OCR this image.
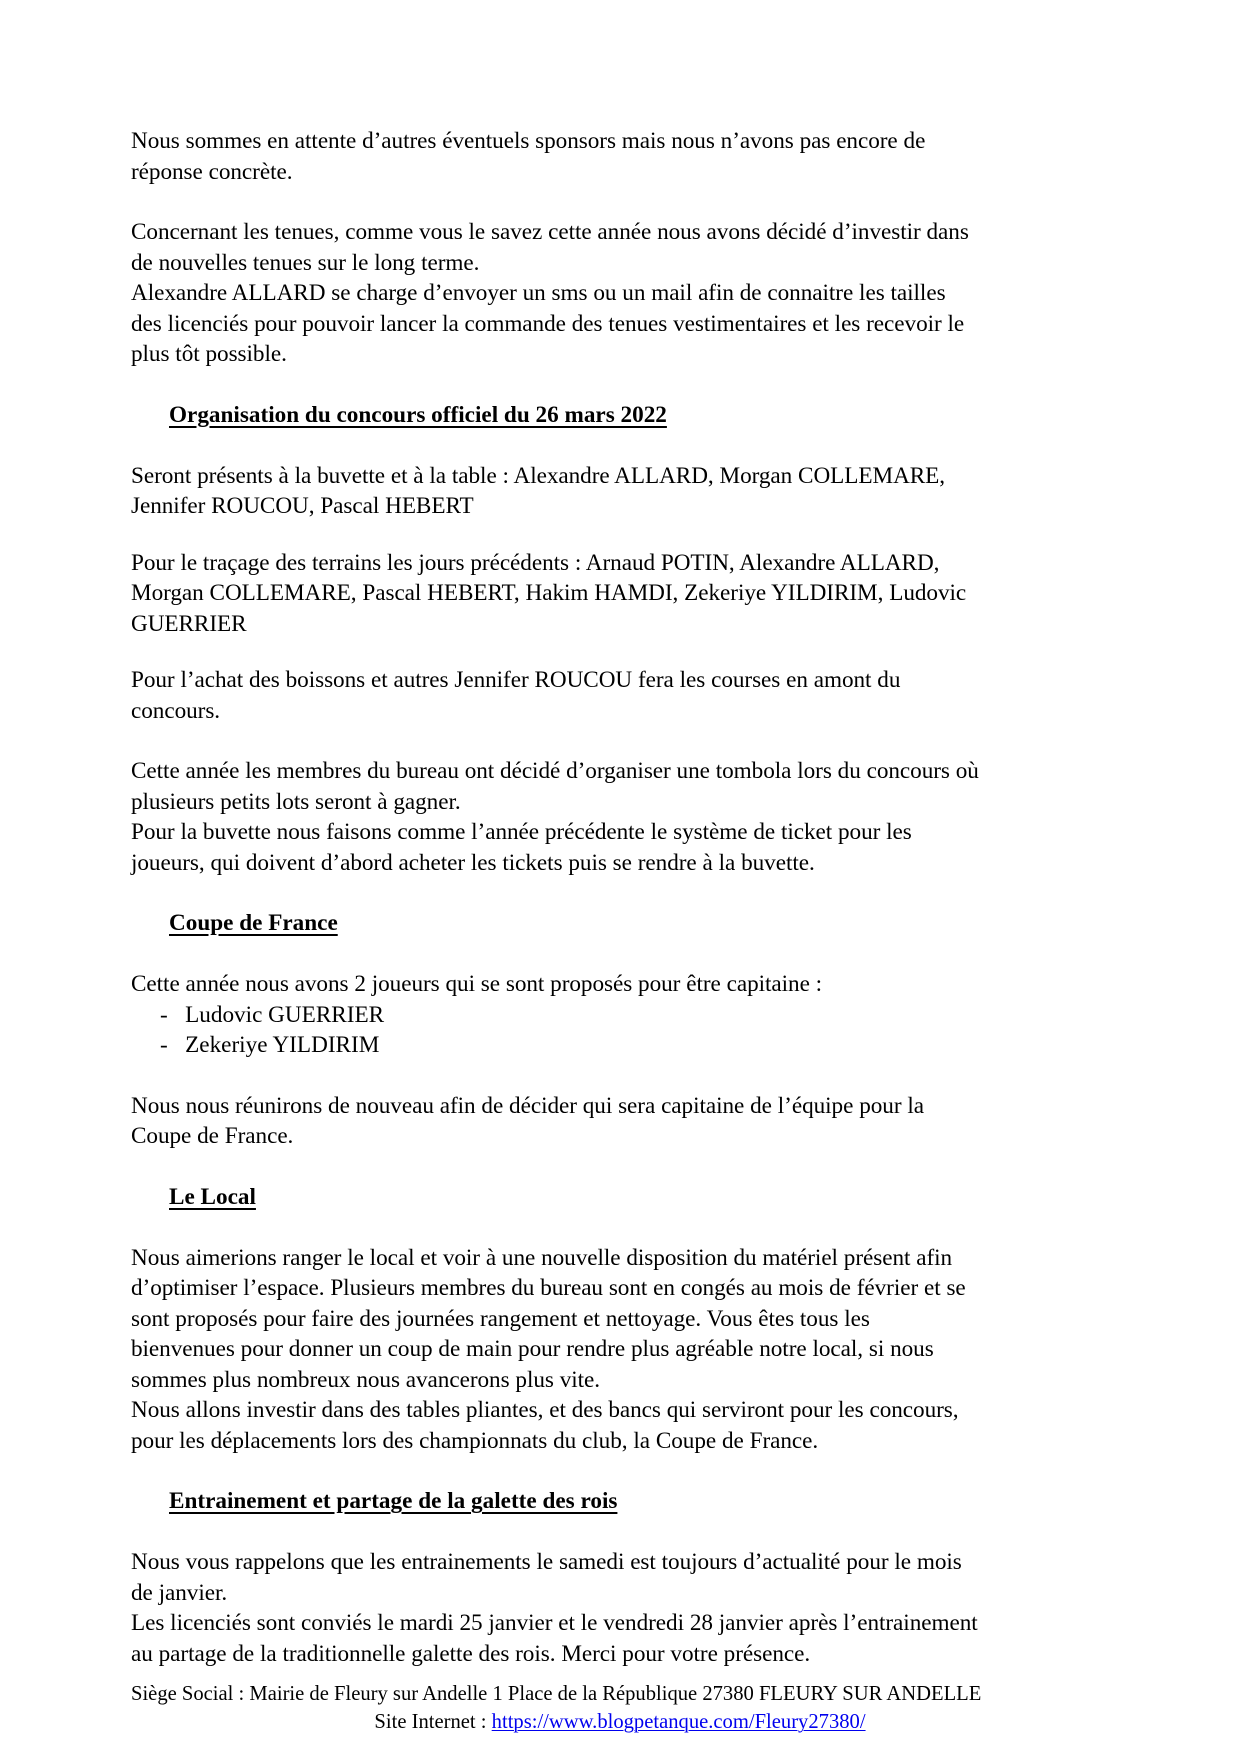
Nous sommes en attente d’autres éventuels sponsors mais nous n’avons pas encore de réponse concrète.

Concernant les tenues, comme vous le savez cette année nous avons décidé d’investir dans de nouvelles tenues sur le long terme.

Alexandre ALLARD se charge d’envoyer un sms ou un mail afin de connaitre les tailles des licenciés pour pouvoir lancer la commande des tenues vestimentaires et les recevoir le plus tôt possible.

Organisation du concours officiel du 26 mars 2022

Seront présents à la buvette et à la table : Alexandre ALLARD, Morgan COLLEMARE, Jennifer ROUCOU, Pascal HEBERT

Pour le traçage des terrains les jours précédents : Arnaud POTIN, Alexandre ALLARD, Morgan COLLEMARE, Pascal HEBERT, Hakim HAMDI, Zekeriye YILDIRIM, Ludovic GUERRIER

Pour l’achat des boissons et autres Jennifer ROUCOU fera les courses en amont du concours.

Cette année les membres du bureau ont décidé d’organiser une tombola lors du concours où plusieurs petits lots seront à gagner.

Pour la buvette nous faisons comme l’année précédente le système de ticket pour les joueurs, qui doivent d’abord acheter les tickets puis se rendre à la buvette.

Coupe de France

Cette année nous avons 2 joueurs qui se sont proposés pour être capitaine :

-   Ludovic GUERRIER
-   Zekeriye YILDIRIM

Nous nous réunirons de nouveau afin de décider qui sera capitaine de l’équipe pour la Coupe de France.

Le Local

Nous aimerions ranger le local et voir à une nouvelle disposition du matériel présent afin d’optimiser l’espace. Plusieurs membres du bureau sont en congés au mois de février et se sont proposés pour faire des journées rangement et nettoyage. Vous êtes tous les bienvenues pour donner un coup de main pour rendre plus agréable notre local, si nous sommes plus nombreux nous avancerons plus vite.

Nous allons investir dans des tables pliantes, et des bancs qui serviront pour les concours, pour les déplacements lors des championnats du club, la Coupe de France.

Entrainement et partage de la galette des rois

Nous vous rappelons que les entrainements le samedi est toujours d’actualité pour le mois de janvier.

Les licenciés sont conviés le mardi 25 janvier et le vendredi 28 janvier après l’entrainement au partage de la traditionnelle galette des rois. Merci pour votre présence.

Siège Social : Mairie de Fleury sur Andelle 1 Place de la République 27380 FLEURY SUR ANDELLE
Site Internet : https://www.blogpetanque.com/Fleury27380/
